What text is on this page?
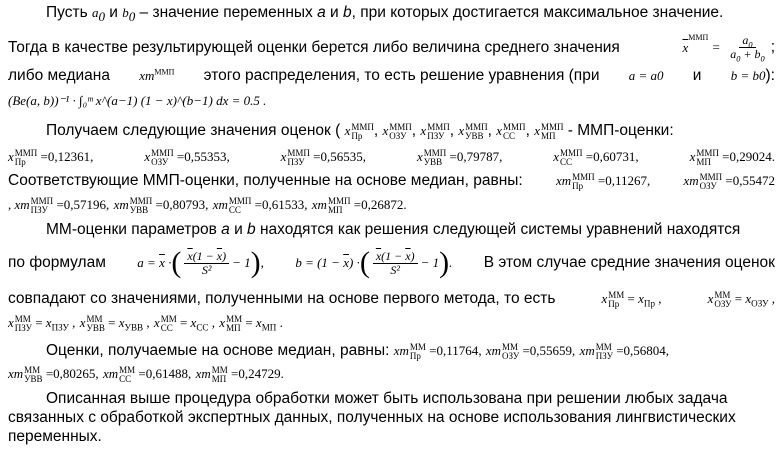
Пусть $a_0$ и $b_0$ – значение переменных a и b, при которых достигается максимальное значение.
Тогда в качестве результирующей оценки берется либо величина среднего значения	$\overline{x}^{ММП} = \frac{a_0}{a_0 + b_0}$ ;
либо медиана $xm^{ММП}$ этого распределения, то есть решение уравнения (при a = a0 и b = b0):
(Be(a, b))⁻¹ · ∫₀ᵐ x^(a−1) (1 − x)^(b−1) dx = 0.5 .
Получаем следующие значения оценок ( x ММП
Пр , x ММП
ОЗУ , x ММП
ПЗУ , x ММП
УВВ , x ММП
СС , x ММП
МП - ММП-оценки:
x ММП
Пр =0,12361,	x ММП
ОЗУ =0,55353,	x ММП
ПЗУ =0,56535,	x ММП
УВВ =0,79787,	x ММП
СС =0,60731,	x ММП
МП =0,29024.
Соответствующие ММП-оценки, полученные на основе медиан, равны:	xm ММП
Пр =0,11267,	xm ММП
ОЗУ =0,55472
, xm ММП
ПЗУ =0,57196, xm ММП
УВВ =0,80793, xm ММП
СС =0,61533, xm ММП
МП =0,26872.
ММ-оценки параметров a и b находятся как решения следующей системы уравнений находятся
по формулам $a = \overline{x}$ · ( $\frac{\overline{x}(1 - \overline{x})}{\text{S²}} - 1$ ) , $b = (1 - \overline{x})$ · ( $\frac{\overline{x}(1 - \overline{x})}{\text{S²}} - 1$ ) . В этом случае средние значения оценок
совпадают со значениями, полученными на основе первого метода, то есть	x ММ
Пр = $x_{Пр}$ ,	x ММ
ОЗУ = $x_{ОЗУ}$ ,
x ММ
ПЗУ = $x_{ПЗУ}$ , x ММ
УВВ = $x_{УВВ}$ , x ММ
СС = $x_{СС}$ , x ММ
МП = $x_{МП}$ .
Оценки, получаемые на основе медиан, равны: xm ММ
Пр =0,11764, xm ММ
ОЗУ =0,55659, xm ММ
ПЗУ =0,56804,
xm ММ
УВВ =0,80265, xm ММ
СС =0,61488, xm ММ
МП =0,24729.
Описанная выше процедура обработки может быть использована при решении любых задача
связанных с обработкой экспертных данных, полученных на основе использования лингвистических
переменных.
